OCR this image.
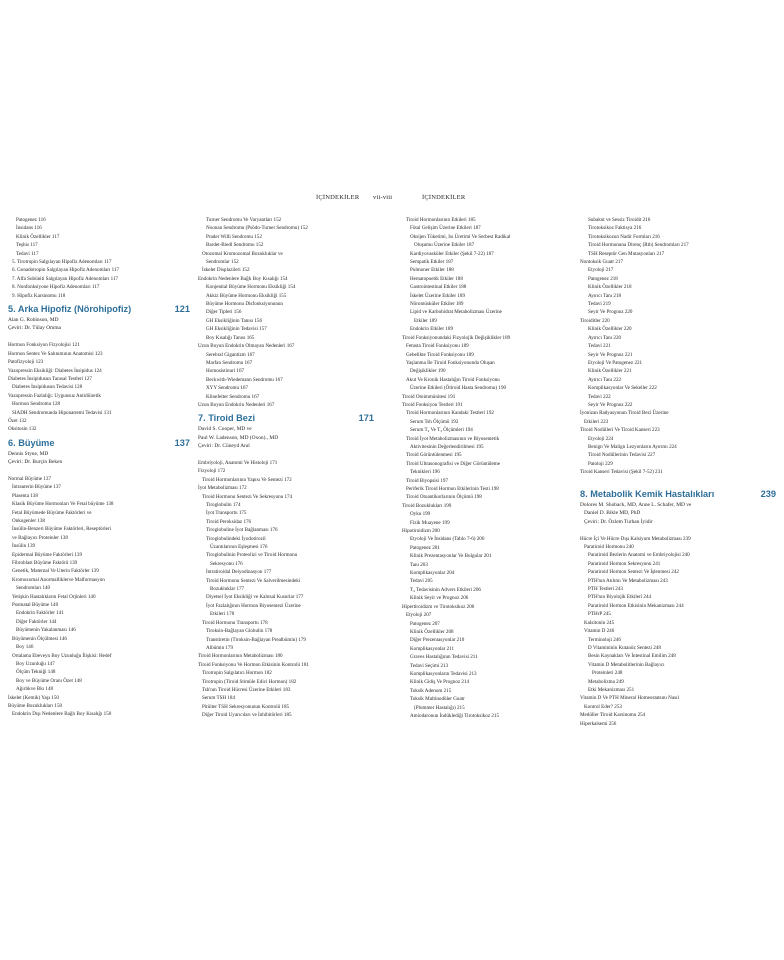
İÇİNDEKİLER vii-viii	İÇİNDEKİLER
Patogenez 116
İnsidans 116
Klinik Özellikler 117
Teşhis 117
Tedavi 117
5. Tirotropin Salgılayan Hipofiz Adenomları 117
6. Gonadotropin Salgılayan Hipofiz Adenomları 117
7. Alfa Subüniti Salgılayan Hipofiz Adenomları 117
8. Nonfonksiyone Hipofiz Adenomları 117
9. Hipofiz Karsinomu 118
5. Arka Hipofiz (Nörohipofiz)	121
Alan G. Robinson, MD
Çeviri: Dr. Tülay Omma

Hormon Fonksiyon Fizyolojisi 121
Hormon Sentez Ve Salınımının Anatomisi 123
Patofizyoloji 123
Vazopressin Eksikliği: Diabetes İnsipidus 124
Diabetes İnsipidusun Tanısal Testleri 127
Diabetes İnsipidusun Tedavisi 128
Vazopressin Fazlalığı: Uygunsuz Antidiüretik
Hormon Sendromu 128
SIADH Sendromunda Hiponatremi Tedavisi 131
Özet 132
Oksitosin 132
6. Büyüme	137
Dennis Styne, MD
Çeviri: Dr. Burçin Beken

Normal Büyüme 137
İntrauterin Büyüme 137
Plasenta 138
Klasik Büyüme Hormonları Ve Fetal büyüme 138
Fetal Büyümede Büyüme Faktörleri ve
Onkogenler 138
İnsülin-Benzeri Büyüme Faktörleri, Reseptörleri
ve Bağlayıcı Proteinler 138
İnsülin 139
Epidermal Büyüme Faktörleri 139
Fibroblast Büyüme Faktörü 139
Genetik, Maternal Ve Uterin Faktörler 139
Kromozomal Anormalliklerve Malformasyon
Sendromları 140
Yetişkin Hastalıkların Fetal Orjinleri 140
Postnatal Büyüme 140
Endokrin Faktörler 141
Diğer Faktörler 144
Büyümenin Yakalanması 146
Büyümenin Ölçülmesi 146
Boy 146
Ortalama Ebeveyn Boy Uzunluğu İlişkisi: Hedef
Boy Uzunluğu 147
Ölçüm Tekniği 148
Boy ve Büyüme Oranı Özet 148
Ağırlıkve Bkı 148
İskelet (Kemik) Yaşı 150
Büyüme Bozuklukları 150
Endokrin Dışı Nedenlere Bağlı Boy Kısalığı 150
Turner Sendromu Ve Varyantları 152
Noonan Sendromu (Psödo-Turner Sendromu) 152
Prader Willi Sendromu 152
Bardet-Biedl Sendromu 152
Otozomal Kromozomal Bozukluklar ve
Sendromlar 152
İskelet Displazileri 152
Endokrin Nedenlere Bağlı Boy Kısalığı 154
Konjenital Büyüme Hormonu Eksikliği 154
Akkiz Büyüme Hormonu Eksikliği 155
Büyüme Hormonu Disfonksiyonunun
Diğer Tipleri 156
GH Eksikliğinin Tanısı 156
GH Eksikliğinin Tedavisi 157
Boy Kısalığı Tanısı 165
Uzun Boyun Endokrin Olmayan Nedenleri 167
Serebral Gigantizm 167
Marfan Sendromu 167
Homosistinuri 167
Beckwith-Wiedemann Sendromu 167
XYY Sendromu 167
Klinefelter Sendromu 167
Uzun Boyun Endokrin Nedenleri 167
7. Tiroid Bezi	171
David S. Cooper, MD ve
Paul W. Ladenson, MD (Oxon)., MD
Çeviri: Dr. Cüneyd Anıl

Embriyoloji, Anatomi Ve Histoloji 171
Fizyoloji 172
Tiroid Hormonlarının Yapısı Ve Sentezi 172
İyot Metabolizması 172
Tiroid Hormonu Sentezi Ve Sekresyonu 174
Tiroglobulin 174
İyot Transportu 175
Tiroid Peroksidaz 176
Tiroglobuline İyot Bağlanması 176
Tiroglobulindeki İyodotirozil
Üzantılarının Eşleşmesi 176
Tiroglobulinin Proteolizi ve Tiroid Hormonu
Sekresyonu 176
İntratiroidal Deiyodinasyon 177
Tiroid Hormonu Sentezi Ve Salverilmesindeki
Bozukluklar 177
Diyetsel İyot Eksikliği ve Kalıtsal Kusurlar 177
İyot Fazlalığının Hormon Biyosentezi Üzerine
Etkileri 178
Tiroid Hormonu Transportu 178
Tiroksin-Bağlayan Globulin 178
Transtiretin (Tiroksin-Bağlayan Prealbümin) 179
Albümin 179
Tiroid Hormonlarının Metabolizması 180
Tiroid Fonksiyonu Ve Hormon Etkisinin Kontrolü 181
Tirotropin Salgılatıcı Hormon 182
Tirotropin (Tiroid Stimüle Edici Hormon) 182
Tsh'nın Tiroid Hücresi Üzerine Etkileri 183
Serum TSH 184
Pitüiter TSH Sekresyonunun Kontrolü 185
Diğer Tiroid Uyarıcıları ve İnhibitörleri 185
Tiroid Hormonlarının Etkileri 185
Fötal Gelişim Üzerine Etkileri 187
Oksijen Tüketimi, Isı Üretimi Ve Serbest Radikal
Oluşumu Üzerine Etkiler 187
Kardiyovasküler Etkiler (Şekil 7-22) 187
Sempatik Etkiler 187
Pulmoner Etkiler 188
Hematopoetik Etkiler 188
Gastrointestinal Etkiler 188
İskelet Üzerine Etkiler 189
Nöromüsküler Etkiler 189
Lipid ve Karbohidrat Metabolizması Üzerine
Etkiler 189
Endokrin Etkiler 189
Tiroid Fonksiyonundaki Fizyolojik Değişiklikler 189
Fetusta Tiroid Fonksiyonu 189
Gebelikte Tiroid Fonksiyonu 189
Yaşlanma İle Tiroid Fonksiyonunda Oluşan
Değişiklikler 190
Akut Ve Kronik Hastalığın Tiroid Fonksiyonu
Üzerine Etkileri (Ötiroid Hasta Sendromu) 190
Tiroid Otoimmünitesi 191
Tiroid Fonksiyon Testleri 191
Tiroid Hormonlarının Kandaki Testleri 192
Serum Tsh Ölçümü 192
Serum T₄ Ve T₃ Ölçümleri 194
Tiroid İyot Metabolizmasının ve Biyosentetik
Aktivitesinin Değerlendirilmesi 195
Tiroid Görüntülenmesi 195
Tiroid Ultrasonografisi ve Diğer Görüntüleme
Teknikleri 196
Tiroid Biyopsisi 197
Periferik Tiroid Hormon Etkilerinin Testi 198
Tiroid Otoantikorlarının Ölçümü 198
Tiroid Bozuklukları 199
Oyku 199
Fizik Muayene 199
Hipotiroidizm 200
Etyoloji Ve İnsidans (Tablo 7-6) 200
Patogenez 201
Klinik Prezentasyonlar Ve Bulgular 201
Tanı 203
Komplikasyonlar 204
Tedavi 205
T₄ Tedavisinin Advers Etkileri 206
Klinik Seyir ve Prognoz 206
Hipertiroidizm ve Tirotoksikoz 206
Etyoloji 207
Patogenez 207
Klinik Özellikler 208
Diğer Prezentasyonlar 210
Komplikasyonlar 211
Graves Hastalığının Tedavisi 211
Tedavi Seçimi 213
Komplikasyonların Tedavisi 213
Klinik Gidiş Ve Prognoz 214
Toksik Adenom 215
Toksik Multinodüler Guatr
(Plummer Hastalığı) 215
Amiodaronun İndüklediği Tirotoksikoz 215
Subakut ve Sessiz Tiroidit 216
Tirotoksikoz Faktisya 216
Tirotoksikozun Nadir Formları 216
Tiroid Hormonuna Direnç (Rth) Sendromları 217
TSH Reseptör Gen Mutasyonları 217
Nontoksik Guatr 217
Etyoloji 217
Patogenez 218
Klinik Özellikler 218
Ayırıcı Tanı 218
Tedavi 219
Seyir Ve Prognoz 220
Tiroiditler 220
Klinik Özellikler 220
Ayırıcı Tanı 220
Tedavi 221
Seyir Ve Prognoz 221
Etyoloji Ve Patogenez 221
Klinik Özellikler 221
Ayırıcı Tanı 222
Komplikasyonlar Ve Sekeller 222
Tedavi 222
Seyir Ve Prognoz 222
İyonizan Radyasyonun Tiroid Bezi Üzerine
Etkileri 223
Tiroid Nodülleri Ve Tiroid Kanseri 223
Etyoloji 224
Benign Ve Malign Lezyonların Ayırımı 224
Tiroid Nodüllerinin Tedavisi 227
Patoloji 229
Tiroid Kanseri Tedavisi (Şekil 7-52) 231

8. Metabolik Kemik Hastalıkları	239
Dolores M. Shoback, MD, Anne L. Schafer, MD ve
Daniel D. Bikle MD, PhD
Çeviri: Dr. Özlem Turhan İyidir

Hücre İçi Ve Hücre Dışı Kalsiyum Metabolizması 239
Paratiroid Hormonu 240
Paratiroid Bezlerin Anatomi ve Embriyolojisi 240
Paratiroid Hormon Sekresyonu 241
Paratiroid Hormon Sentezi Ve İşlenmesi 242
PTH'nın Atılımı Ve Metabolizması 243
PTH Testleri 243
PTH'nın Biyolojik Etkileri 244
Paratiroid Hormon Etkisinin Mekanizması 244
PTHrP 245
Kalsitonin 245
Vitamin D 246
Terminoloji 246
D Vitamininin Kutanöz Sentezi 248
Besin Kaynakları Ve İntestinal Emilim 248
Vitamin D Metabolitlerinin Bağlayıcı
Proteinleri 248
Metabolizma 249
Etki Mekanizması 251
Vitamin D Ve PTH Mineral Homeostatsını Nasıl
Kontrol Eder? 253
Medüller Tiroid Karsinomu 254
Hiperkalsemi 256
